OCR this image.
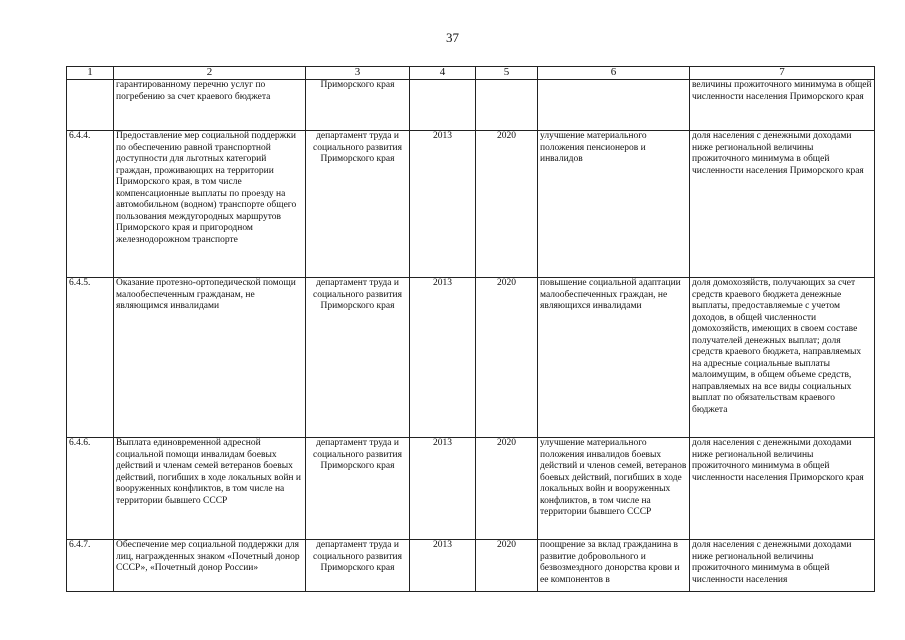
37
1	2	3	4	5	6	7
	гарантированному перечню услуг по погребению за счет краевого бюджета	Приморского края				величины прожиточного минимума в общей численности населения Приморского края
6.4.4.	Предоставление мер социальной поддержки по обеспечению равной транспортной доступности для льготных категорий граждан, проживающих на территории Приморского края, в том числе компенсационные выплаты по проезду на автомобильном (водном) транспорте общего пользования междугородных маршрутов Приморского края и пригородном железнодорожном транспорте	департамент труда и социального развития Приморского края	2013	2020	улучшение материального положения пенсионеров и инвалидов	доля населения с денежными доходами ниже региональной величины прожиточного минимума в общей численности населения Приморского края
6.4.5.	Оказание протезно-ортопедической помощи малообеспеченным гражданам, не являющимся инвалидами	департамент труда и социального развития Приморского края	2013	2020	повышение социальной адаптации малообеспеченных граждан, не являющихся инвалидами	доля домохозяйств, получающих за счет средств краевого бюджета денежные выплаты, предоставляемые с учетом доходов, в общей численности домохозяйств, имеющих в своем составе получателей денежных выплат; доля средств краевого бюджета, направляемых на адресные социальные выплаты малоимущим, в общем объеме средств, направляемых на все виды социальных выплат по обязательствам краевого бюджета
6.4.6.	Выплата единовременной адресной социальной помощи инвалидам боевых действий и членам семей ветеранов боевых действий, погибших в ходе локальных войн и вооруженных конфликтов, в том числе на территории бывшего СССР	департамент труда и социального развития Приморского края	2013	2020	улучшение материального положения инвалидов боевых действий и членов семей, ветеранов боевых действий, погибших в ходе локальных войн и вооруженных конфликтов, в том числе на территории бывшего СССР	доля населения с денежными доходами ниже региональной величины прожиточного минимума в общей численности населения Приморского края
6.4.7.	Обеспечение мер социальной поддержки для лиц, награжденных знаком «Почетный донор СССР», «Почетный донор России»	департамент труда и социального развития Приморского края	2013	2020	поощрение за вклад гражданина в развитие добровольного и безвозмездного донорства крови и ее компонентов в	доля населения с денежными доходами ниже региональной величины прожиточного минимума в общей численности населения
